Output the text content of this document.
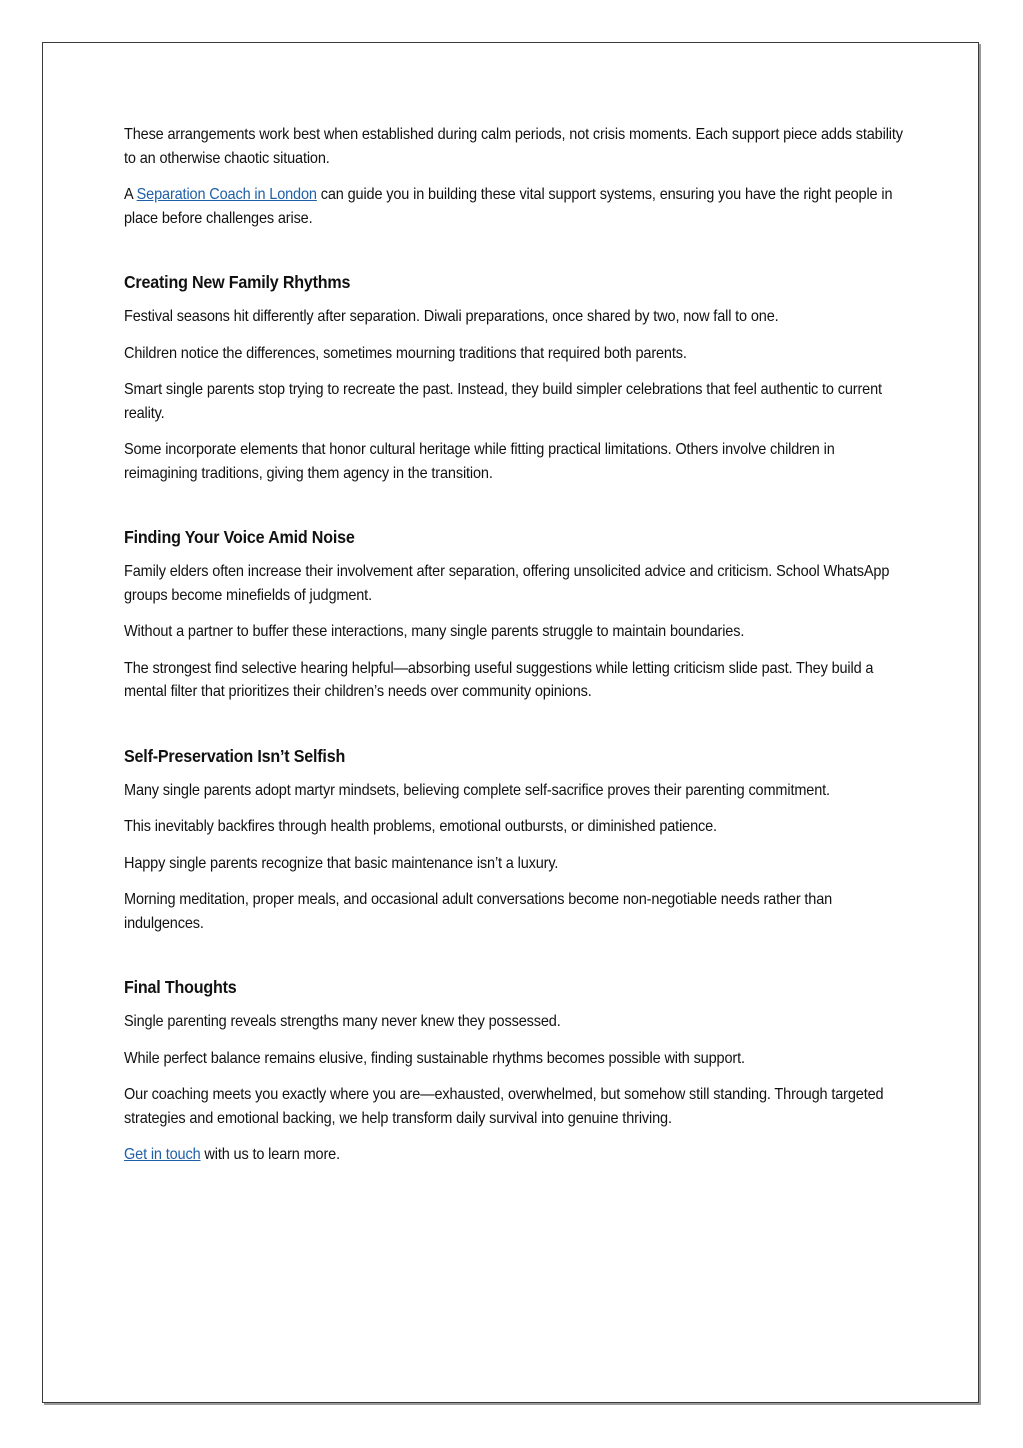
These arrangements work best when established during calm periods, not crisis moments. Each support piece adds stability to an otherwise chaotic situation.

A Separation Coach in London can guide you in building these vital support systems, ensuring you have the right people in place before challenges arise.

Creating New Family Rhythms

Festival seasons hit differently after separation. Diwali preparations, once shared by two, now fall to one.

Children notice the differences, sometimes mourning traditions that required both parents.

Smart single parents stop trying to recreate the past. Instead, they build simpler celebrations that feel authentic to current reality.

Some incorporate elements that honor cultural heritage while fitting practical limitations. Others involve children in reimagining traditions, giving them agency in the transition.

Finding Your Voice Amid Noise

Family elders often increase their involvement after separation, offering unsolicited advice and criticism. School WhatsApp groups become minefields of judgment.

Without a partner to buffer these interactions, many single parents struggle to maintain boundaries.

The strongest find selective hearing helpful—absorbing useful suggestions while letting criticism slide past. They build a mental filter that prioritizes their children’s needs over community opinions.

Self-Preservation Isn’t Selfish

Many single parents adopt martyr mindsets, believing complete self-sacrifice proves their parenting commitment.

This inevitably backfires through health problems, emotional outbursts, or diminished patience.

Happy single parents recognize that basic maintenance isn’t a luxury.

Morning meditation, proper meals, and occasional adult conversations become non-negotiable needs rather than indulgences.

Final Thoughts

Single parenting reveals strengths many never knew they possessed.

While perfect balance remains elusive, finding sustainable rhythms becomes possible with support.

Our coaching meets you exactly where you are—exhausted, overwhelmed, but somehow still standing. Through targeted strategies and emotional backing, we help transform daily survival into genuine thriving.

Get in touch with us to learn more.
